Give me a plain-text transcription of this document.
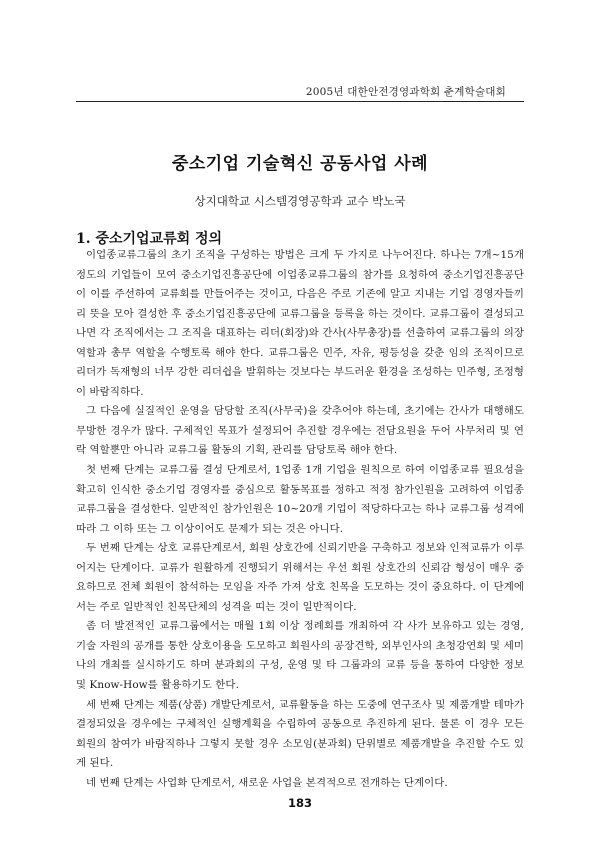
2005년 대한안전경영과학회 춘계학술대회
중소기업 기술혁신 공동사업 사례
상지대학교 시스템경영공학과 교수 박노국
1. 중소기업교류회 정의

이업종교류그룹의 초기 조직을 구성하는 방법은 크게 두 가지로 나누어진다. 하나는 7개~15개 정도의 기업들이 모여 중소기업진흥공단에 이업종교류그룹의 참가를 요청하여 중소기업진흥공단이 이를 주선하여 교류회를 만들어주는 것이고, 다음은 주로 기존에 알고 지내는 기업 경영자들끼리 뜻을 모아 결성한 후 중소기업진흥공단에 교류그룹을 등록을 하는 것이다. 교류그룹이 결성되고 나면 각 조직에서는 그 조직을 대표하는 리더(회장)와 간사(사무총장)를 선출하여 교류그룹의 의장 역할과 총무 역할을 수행토록 해야 한다. 교류그룹은 민주, 자유, 평등성을 갖춘 임의 조직이므로 리더가 독재형의 너무 강한 리더쉽을 발휘하는 것보다는 부드러운 환경을 조성하는 민주형, 조정형이 바람직하다.

그 다음에 실질적인 운영을 담당할 조직(사무국)을 갖추어야 하는데, 초기에는 간사가 대행해도 무방한 경우가 많다. 구체적인 목표가 설정되어 추진할 경우에는 전담요원을 두어 사무처리 및 연락 역할뿐만 아니라 교류그룹 활동의 기획, 관리를 담당토록 해야 한다.

첫 번째 단계는 교류그룹 결성 단계로서, 1업종 1개 기업을 원칙으로 하여 이업종교류 필요성을 확고히 인식한 중소기업 경영자를 중심으로 활동목표를 정하고 적정 참가인원을 고려하여 이업종교류그룹을 결성한다. 일반적인 참가인원은 10~20개 기업이 적당하다고는 하나 교류그룹 성격에 따라 그 이하 또는 그 이상이어도 문제가 되는 것은 아니다.

두 번째 단계는 상호 교류단계로서, 회원 상호간에 신뢰기반을 구축하고 정보와 인적교류가 이루어지는 단계이다. 교류가 원활하게 진행되기 위해서는 우선 회원 상호간의 신뢰감 형성이 매우 중요하므로 전체 회원이 참석하는 모임을 자주 가져 상호 친목을 도모하는 것이 중요하다. 이 단계에서는 주로 일반적인 친목단체의 성격을 띠는 것이 일반적이다.

좀 더 발전적인 교류그룹에서는 매월 1회 이상 정례회를 개최하여 각 사가 보유하고 있는 경영, 기술 자원의 공개를 통한 상호이용을 도모하고 회원사의 공장견학, 외부인사의 초청강연회 및 세미나의 개최를 실시하기도 하며 분과회의 구성, 운영 및 타 그룹과의 교류 등을 통하여 다양한 정보 및 Know-How를 활용하기도 한다.

세 번째 단계는 제품(상품) 개발단계로서, 교류활동을 하는 도중에 연구조사 및 제품개발 테마가 결정되었을 경우에는 구체적인 실행계획을 수립하여 공동으로 추진하게 된다. 물론 이 경우 모든 회원의 참여가 바람직하나 그렇지 못할 경우 소모임(분과회) 단위별로 제품개발을 추진할 수도 있게 된다.

네 번째 단계는 사업화 단계로서, 새로운 사업을 본격적으로 전개하는 단계이다.

183
